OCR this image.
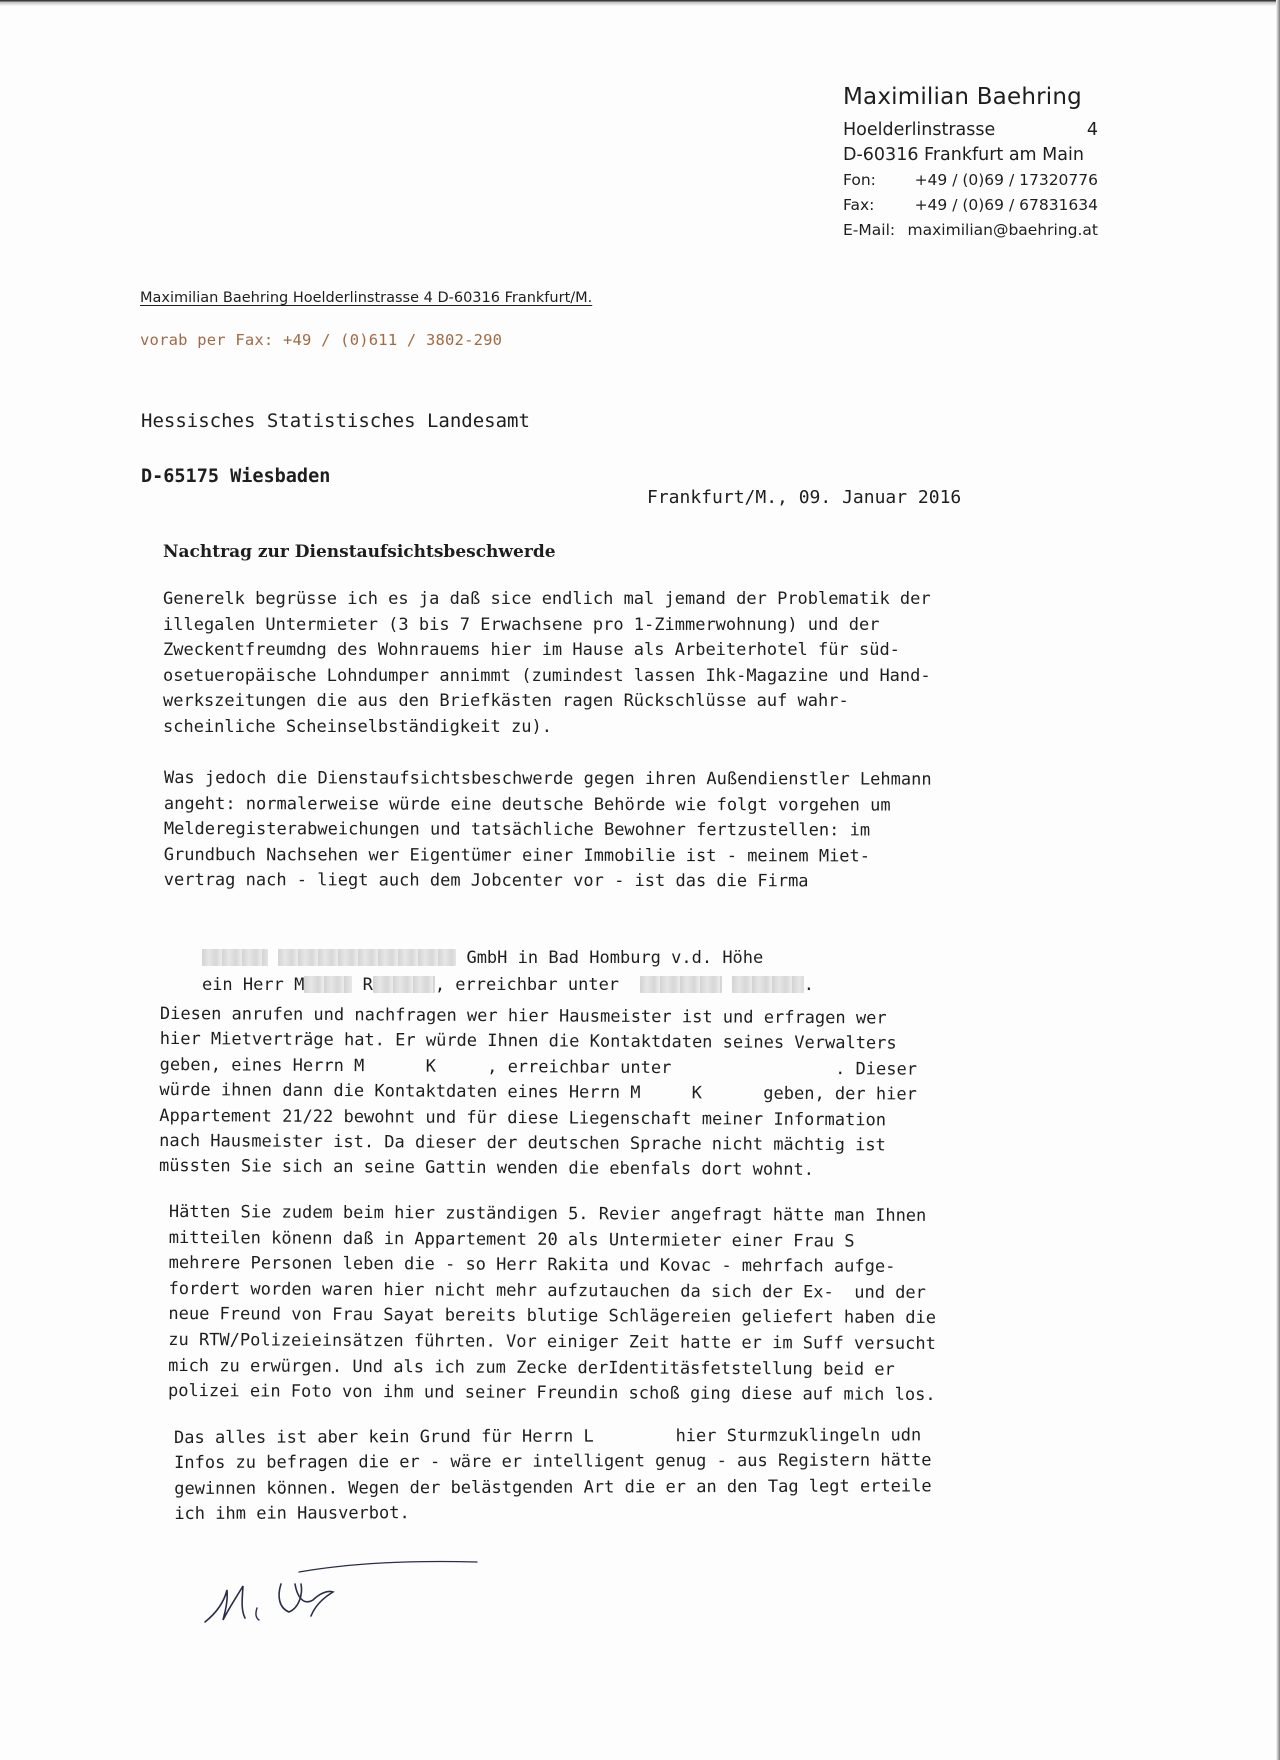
Maximilian Baehring
Hoelderlinstrasse	4
D-60316 Frankfurt am Main
Fon:	+49 / (0)69 / 17320776
Fax:	+49 / (0)69 / 67831634
E-Mail: maximilian@baehring.at
Maximilian Baehring Hoelderlinstrasse 4 D-60316 Frankfurt/M.
vorab per Fax: +49 / (0)611 / 3802-290
Hessisches Statistisches Landesamt
D-65175 Wiesbaden
Frankfurt/M., 09. Januar 2016
Nachtrag zur Dienstaufsichtsbeschwerde

Generelk begrüsse ich es ja daß sice endlich mal jemand der Problematik der
illegalen Untermieter (3 bis 7 Erwachsene pro 1-Zimmerwohnung) und der
Zweckentfreumdng des Wohnrauems hier im Hause als Arbeiterhotel für süd-
osetueropäische Lohndumper annimmt (zumindest lassen Ihk-Magazine und Hand-
werkszeitungen die aus den Briefkästen ragen Rückschlüsse auf wahr-
scheinliche Scheinselbständigkeit zu).

Was jedoch die Dienstaufsichtsbeschwerde gegen ihren Außendienstler Lehmann
angeht: normalerweise würde eine deutsche Behörde wie folgt vorgehen um
Melderegisterabweichungen und tatsächliche Bewohner fertzustellen: im
Grundbuch Nachsehen wer Eigentümer einer Immobilie ist - meinem Miet-
vertrag nach - liegt auch dem Jobcenter vor - ist das die Firma

GmbH in Bad Homburg v.d. Höhe

ein Herr M	R	, erreichbar unter	.

Diesen anrufen und nachfragen wer hier Hausmeister ist und erfragen wer
hier Mietverträge hat. Er würde Ihnen die Kontaktdaten seines Verwalters
geben, eines Herrn M      K     , erreichbar unter                . Dieser
würde ihnen dann die Kontaktdaten eines Herrn M     K      geben, der hier
Appartement 21/22 bewohnt und für diese Liegenschaft meiner Information
nach Hausmeister ist. Da dieser der deutschen Sprache nicht mächtig ist
müssten Sie sich an seine Gattin wenden die ebenfals dort wohnt.

Hätten Sie zudem beim hier zuständigen 5. Revier angefragt hätte man Ihnen
mitteilen könenn daß in Appartement 20 als Untermieter einer Frau S
mehrere Personen leben die - so Herr Rakita und Kovac - mehrfach aufge-
fordert worden waren hier nicht mehr aufzutauchen da sich der Ex-  und der
neue Freund von Frau Sayat bereits blutige Schlägereien geliefert haben die
zu RTW/Polizeieinsätzen führten. Vor einiger Zeit hatte er im Suff versucht
mich zu erwürgen. Und als ich zum Zecke derIdentitäsfetstellung beid er
polizei ein Foto von ihm und seiner Freundin schoß ging diese auf mich los.

Das alles ist aber kein Grund für Herrn L        hier Sturmzuklingeln udn
Infos zu befragen die er - wäre er intelligent genug - aus Registern hätte
gewinnen können. Wegen der belästgenden Art die er an den Tag legt erteile
ich ihm ein Hausverbot.
